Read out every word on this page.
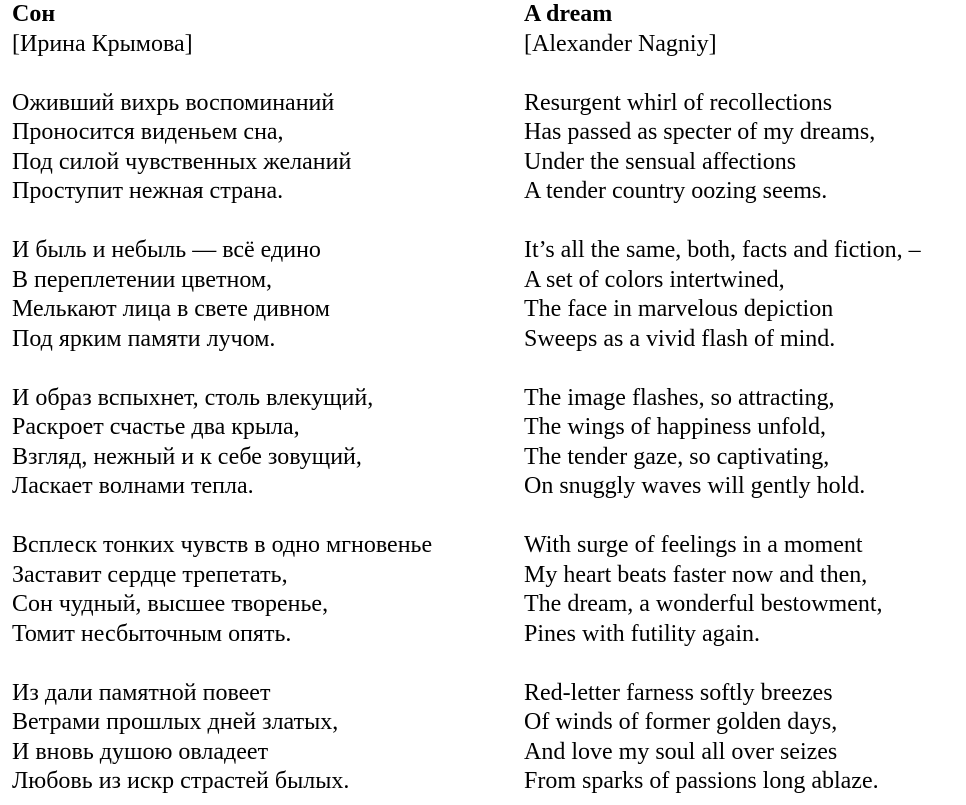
Сон
[Ирина Крымова]
Оживший вихрь воспоминаний
Проносится виденьем сна,
Под силой чувственных желаний
Проступит нежная страна.
И быль и небыль — всё едино
В переплетении цветном,
Мелькают лица в свете дивном
Под ярким памяти лучом.
И образ вспыхнет, столь влекущий,
Раскроет счастье два крыла,
Взгляд, нежный и к себе зовущий,
Ласкает волнами тепла.
Всплеск тонких чувств в одно мгновенье
Заставит сердце трепетать,
Сон чудный, высшее творенье,
Томит несбыточным опять.
Из дали памятной повеет
Ветрами прошлых дней златых,
И вновь душою овладеет
Любовь из искр страстей былых.
A dream
[Alexander Nagniy]
Resurgent whirl of recollections
Has passed as specter of my dreams,
Under the sensual affections
A tender country oozing seems.
It’s all the same, both, facts and fiction, –
A set of colors intertwined,
The face in marvelous depiction
Sweeps as a vivid flash of mind.
The image flashes, so attracting,
The wings of happiness unfold,
The tender gaze, so captivating,
On snuggly waves will gently hold.
With surge of feelings in a moment
My heart beats faster now and then,
The dream, a wonderful bestowment,
Pines with futility again.
Red-letter farness softly breezes
Of winds of former golden days,
And love my soul all over seizes
From sparks of passions long ablaze.
